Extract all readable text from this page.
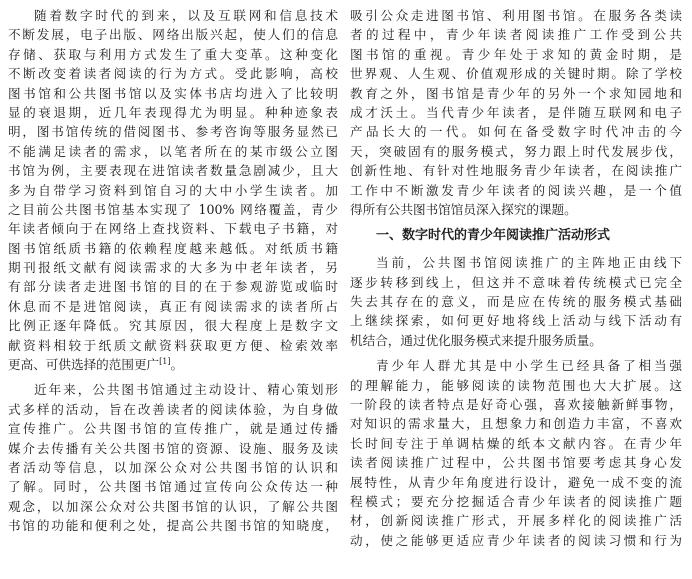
随着数字时代的到来，以及互联网和信息技术
不断发展，电子出版、网络出版兴起，使人们的信息
存储、获取与利用方式发生了重大变革。这种变化
不断改变着读者阅读的行为方式。受此影响，高校
图书馆和公共图书馆以及实体书店均进入了比较明
显的衰退期，近几年表现得尤为明显。种种迹象表
明，图书馆传统的借阅图书、参考咨询等服务显然已
不能满足读者的需求，以笔者所在的某市级公立图
书馆为例，主要表现在进馆读者数量急剧减少，且大
多为自带学习资料到馆自习的大中小学生读者。加
之目前公共图书馆基本实现了 100% 网络覆盖，青少
年读者倾向于在网络上查找资料、下载电子书籍，对
图书馆纸质书籍的依赖程度越来越低。对纸质书籍
期刊报纸文献有阅读需求的大多为中老年读者，另
有部分读者走进图书馆的目的在于参观游览或临时
休息而不是进馆阅读，真正有阅读需求的读者所占
比例正逐年降低。究其原因，很大程度上是数字文
献资料相较于纸质文献资料获取更方便、检索效率
更高、可供选择的范围更广[1]。
近年来，公共图书馆通过主动设计、精心策划形
式多样的活动，旨在改善读者的阅读体验，为自身做
宣传推广。公共图书馆的宣传推广，就是通过传播
媒介去传播有关公共图书馆的资源、设施、服务及读
者活动等信息，以加深公众对公共图书馆的认识和
了解。同时，公共图书馆通过宣传向公众传达一种
观念，以加深公众对公共图书馆的认识，了解公共图
书馆的功能和便利之处，提高公共图书馆的知晓度，
吸引公众走进图书馆、利用图书馆。在服务各类读
者的过程中，青少年读者阅读推广工作受到公共
图书馆的重视。青少年处于求知的黄金时期，是
世界观、人生观、价值观形成的关键时期。除了学校
教育之外，图书馆是青少年的另外一个求知园地和
成才沃土。当代青少年读者，是伴随互联网和电子
产品长大的一代。如何在备受数字时代冲击的今
天，突破固有的服务模式，努力跟上时代发展步伐，
创新性地、有针对性地服务青少年读者，在阅读推广
工作中不断激发青少年读者的阅读兴趣，是一个值
得所有公共图书馆馆员深入探究的课题。
一、数字时代的青少年阅读推广活动形式
当前，公共图书馆阅读推广的主阵地正由线下
逐步转移到线上，但这并不意味着传统模式已完全
失去其存在的意义，而是应在传统的服务模式基础
上继续探索，如何更好地将线上活动与线下活动有
机结合，通过优化服务模式来提升服务质量。
青少年人群尤其是中小学生已经具备了相当强
的理解能力，能够阅读的读物范围也大大扩展。这
一阶段的读者特点是好奇心强，喜欢接触新鲜事物，
对知识的需求量大，且想象力和创造力丰富，不喜欢
长时间专注于单调枯燥的纸本文献内容。在青少年
读者阅读推广过程中，公共图书馆要考虑其身心发
展特性，从青少年角度进行设计，避免一成不变的流
程模式；要充分挖掘适合青少年读者的阅读推广题
材，创新阅读推广形式，开展多样化的阅读推广活
动，使之能够更适应青少年读者的阅读习惯和行为
